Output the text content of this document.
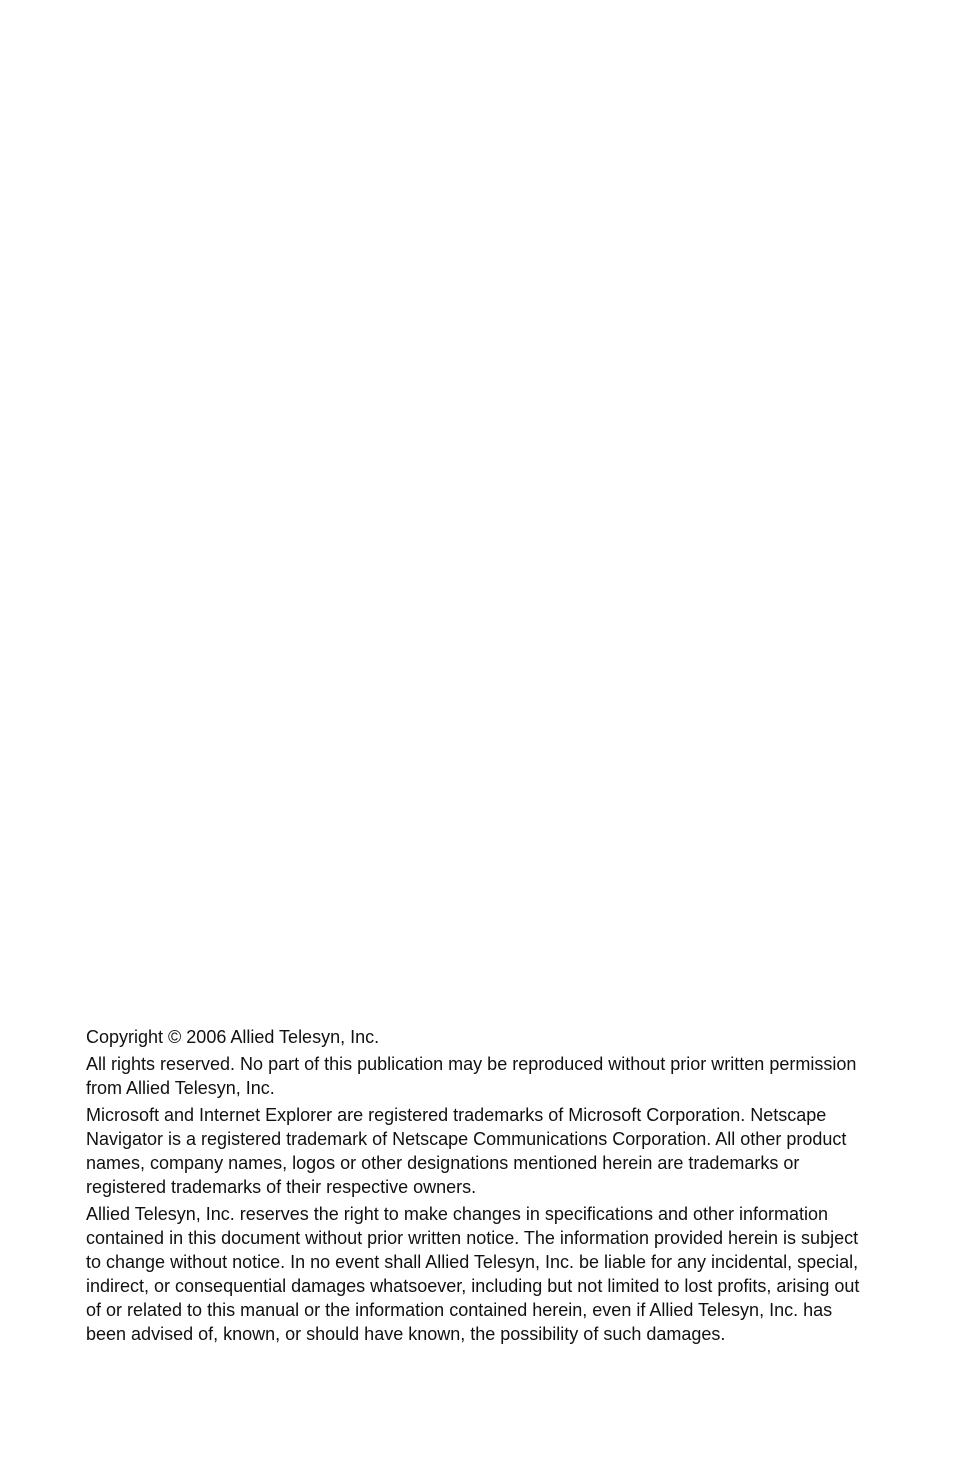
Copyright © 2006 Allied Telesyn, Inc.

All rights reserved. No part of this publication may be reproduced without prior written permission from Allied Telesyn, Inc.

Microsoft and Internet Explorer are registered trademarks of Microsoft Corporation. Netscape Navigator is a registered trademark of Netscape Communications Corporation. All other product names, company names, logos or other designations mentioned herein are trademarks or registered trademarks of their respective owners.

Allied Telesyn, Inc. reserves the right to make changes in specifications and other information contained in this document without prior written notice. The information provided herein is subject to change without notice. In no event shall Allied Telesyn, Inc. be liable for any incidental, special, indirect, or consequential damages whatsoever, including but not limited to lost profits, arising out of or related to this manual or the information contained herein, even if Allied Telesyn, Inc. has been advised of, known, or should have known, the possibility of such damages.
